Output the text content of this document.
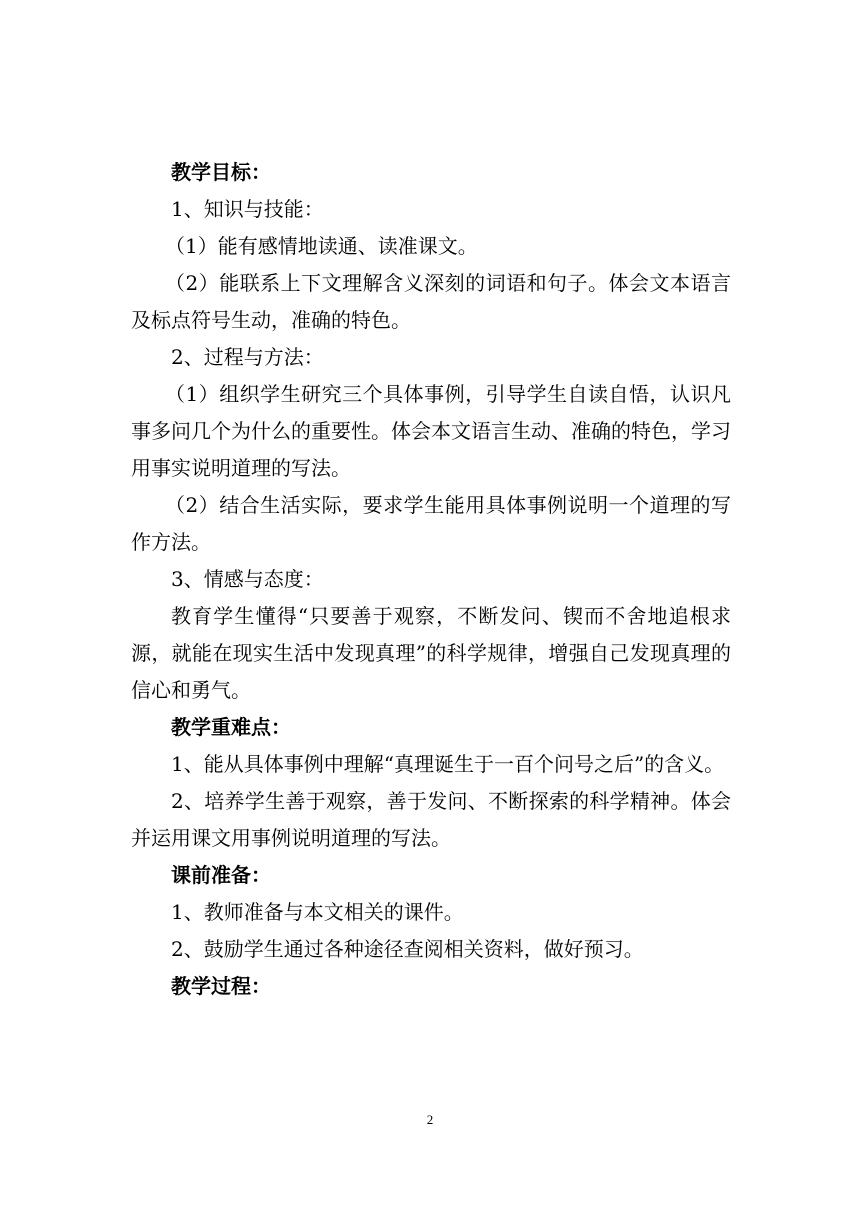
教学目标：

1、知识与技能：

（1）能有感情地读通、读准课文。

（2）能联系上下文理解含义深刻的词语和句子。体会文本语言及标点符号生动，准确的特色。

2、过程与方法：

（1）组织学生研究三个具体事例，引导学生自读自悟，认识凡事多问几个为什么的重要性。体会本文语言生动、准确的特色，学习用事实说明道理的写法。

（2）结合生活实际，要求学生能用具体事例说明一个道理的写作方法。

3、情感与态度：

教育学生懂得“只要善于观察，不断发问、锲而不舍地追根求源，就能在现实生活中发现真理”的科学规律，增强自己发现真理的信心和勇气。

教学重难点：

1、能从具体事例中理解“真理诞生于一百个问号之后”的含义。

2、培养学生善于观察，善于发问、不断探索的科学精神。体会并运用课文用事例说明道理的写法。

课前准备：

1、教师准备与本文相关的课件。

2、鼓励学生通过各种途径查阅相关资料，做好预习。

教学过程：

2
